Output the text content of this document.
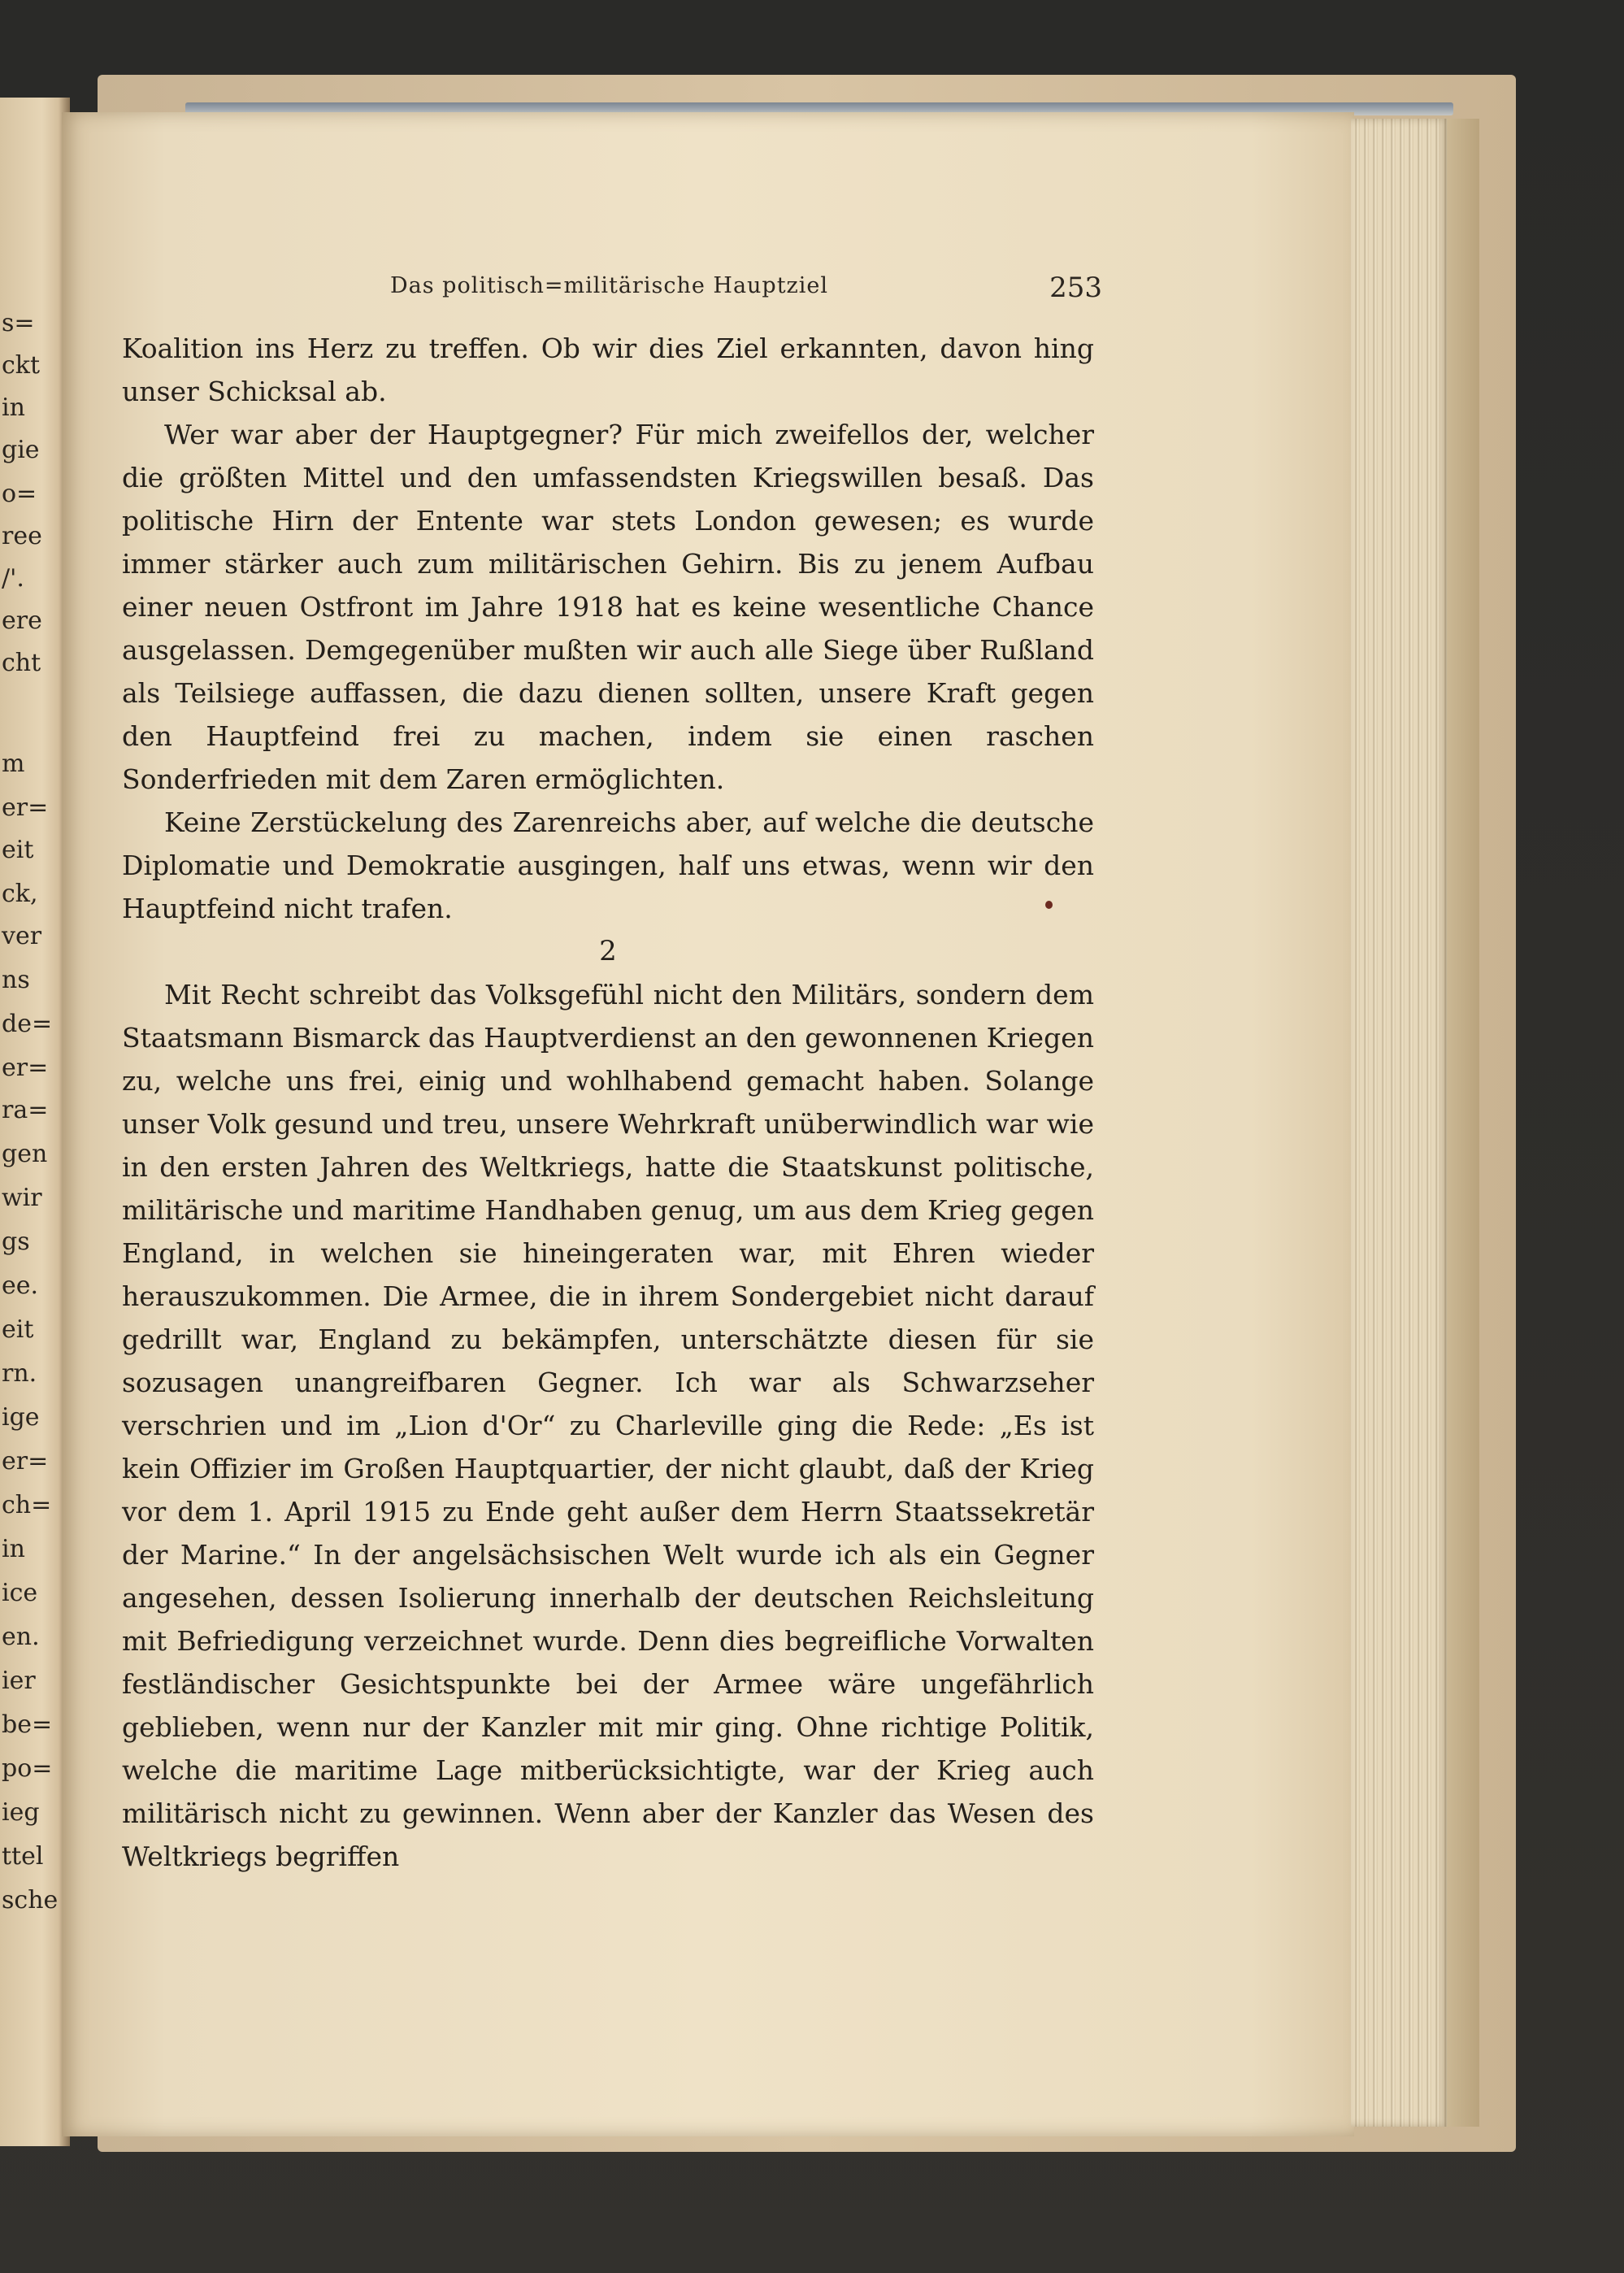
s=
ckt
in
gie
o=
ree
/'.
ere
cht
m
er=
eit
ck,
ver
ns
de=
er=
ra=
gen
wir
gs
ee.
eit
rn.
ige
er=
ch=
in
ice
en.
ier
be=
po=
ieg
ttel
sche
Das politisch=militärische Hauptziel	253

Koalition ins Herz zu treffen. Ob wir dies Ziel erkannten, davon hing unser Schicksal ab.

Wer war aber der Hauptgegner? Für mich zweifellos der, welcher die größten Mittel und den umfassendsten Kriegswillen besaß. Das politische Hirn der Entente war stets London gewesen; es wurde immer stärker auch zum militärischen Gehirn. Bis zu jenem Aufbau einer neuen Ostfront im Jahre 1918 hat es keine wesentliche Chance ausgelassen. Demgegenüber mußten wir auch alle Siege über Rußland als Teilsiege auffassen, die dazu dienen sollten, unsere Kraft gegen den Hauptfeind frei zu machen, indem sie einen raschen Sonderfrieden mit dem Zaren ermöglichten.

Keine Zerstückelung des Zarenreichs aber, auf welche die deutsche Diplomatie und Demokratie ausgingen, half uns etwas, wenn wir den Hauptfeind nicht trafen.

2

Mit Recht schreibt das Volksgefühl nicht den Militärs, sondern dem Staatsmann Bismarck das Hauptverdienst an den gewonnenen Kriegen zu, welche uns frei, einig und wohlhabend gemacht haben. Solange unser Volk gesund und treu, unsere Wehrkraft unüberwindlich war wie in den ersten Jahren des Weltkriegs, hatte die Staatskunst politische, militärische und maritime Handhaben genug, um aus dem Krieg gegen England, in welchen sie hineingeraten war, mit Ehren wieder herauszukommen. Die Armee, die in ihrem Sondergebiet nicht darauf gedrillt war, England zu bekämpfen, unterschätzte diesen für sie sozusagen unangreifbaren Gegner. Ich war als Schwarzseher verschrien und im „Lion d'Or“ zu Charleville ging die Rede: „Es ist kein Offizier im Großen Hauptquartier, der nicht glaubt, daß der Krieg vor dem 1. April 1915 zu Ende geht außer dem Herrn Staatssekretär der Marine.“ In der angelsächsischen Welt wurde ich als ein Gegner angesehen, dessen Isolierung innerhalb der deutschen Reichsleitung mit Befriedigung verzeichnet wurde. Denn dies begreifliche Vorwalten festländischer Gesichtspunkte bei der Armee wäre ungefährlich geblieben, wenn nur der Kanzler mit mir ging. Ohne richtige Politik, welche die maritime Lage mitberücksichtigte, war der Krieg auch militärisch nicht zu gewinnen. Wenn aber der Kanzler das Wesen des Weltkriegs begriffen
